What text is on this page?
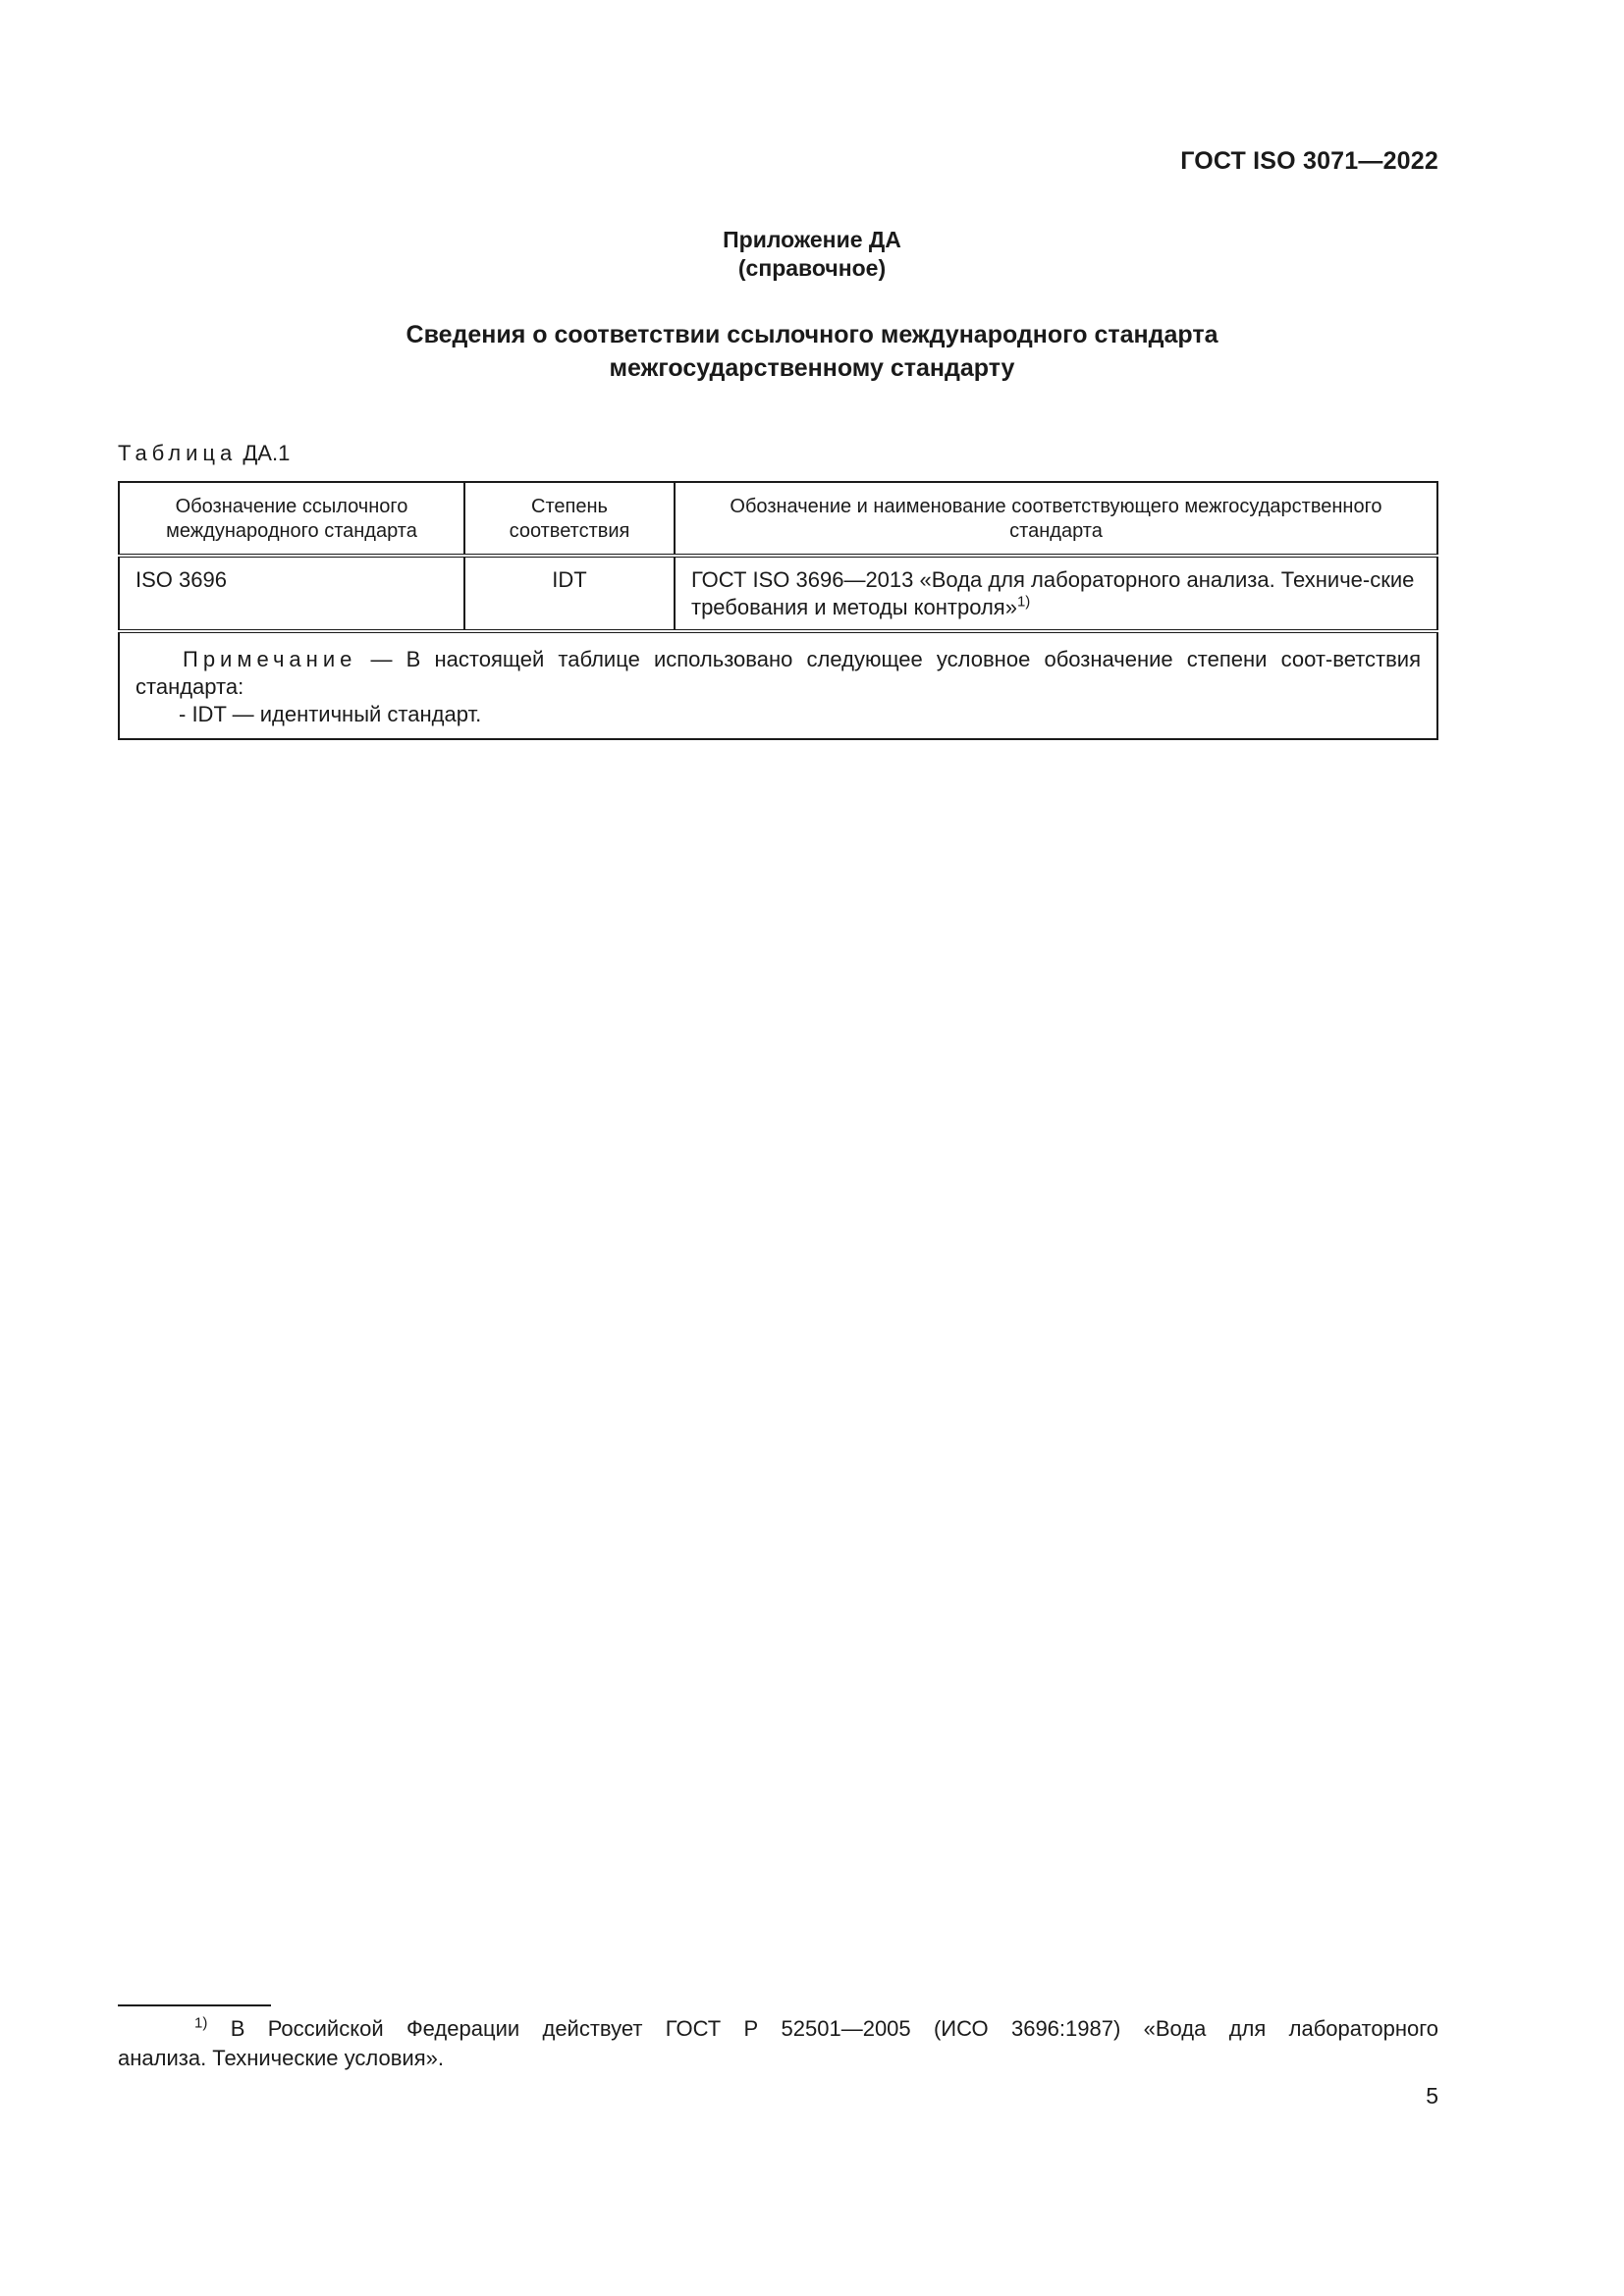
ГОСТ ISO 3071—2022
Приложение ДА
(справочное)
Сведения о соответствии ссылочного международного стандарта
межгосударственному стандарту
Таблица ДА.1
Обозначение ссылочного международного стандарта	Степень соответствия	Обозначение и наименование соответствующего межгосударственного стандарта
ISO 3696	IDT	ГОСТ ISO 3696—2013 «Вода для лабораторного анализа. Техниче-ские требования и методы контроля»$^{1)}$

Примечание — В настоящей таблице использовано следующее условное обозначение степени соот-ветствия стандарта:
- IDT — идентичный стандарт.		
$^{1)}$ В Российской Федерации действует ГОСТ Р 52501—2005 (ИСО 3696:1987) «Вода для лабораторного
анализа. Технические условия».
5
